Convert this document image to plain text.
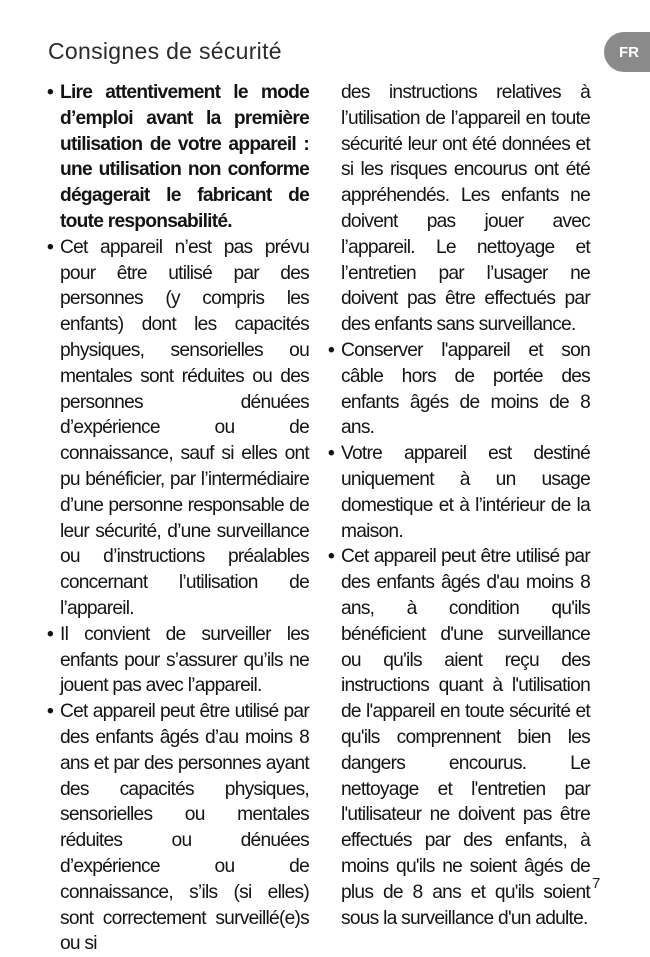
Consignes de sécurité	FR
• Lire attentivement le mode d’emploi avant la première utilisation de votre appareil : une utilisation non conforme dégagerait le fabricant de toute responsabilité.
• Cet appareil n’est pas prévu pour être utilisé par des personnes (y compris les enfants) dont les capacités physiques, sensorielles ou mentales sont réduites ou des personnes dénuées d’expérience ou de connaissance, sauf si elles ont pu bénéficier, par l’intermédiaire d’une personne responsable de leur sécurité, d’une surveillance ou d’instructions préalables concernant l’utilisation de l’appareil.
• Il convient de surveiller les enfants pour s’assurer qu’ils ne jouent pas avec l’appareil.
• Cet appareil peut être utilisé par des enfants âgés d’au moins 8 ans et par des personnes ayant des capacités physiques, sensorielles ou mentales réduites ou dénuées d’expérience ou de connaissance, s’ils (si elles) sont correctement surveillé(e)s ou si
des instructions relatives à l’utilisation de l’appareil en toute sécurité leur ont été données et si les risques encourus ont été appréhendés. Les enfants ne doivent pas jouer avec l’appareil. Le nettoyage et l’entretien par l’usager ne doivent pas être effectués par des enfants sans surveillance.
• Conserver l'appareil et son câble hors de portée des enfants âgés de moins de 8 ans.
• Votre appareil est destiné uniquement à un usage domestique et à l’intérieur de la maison.
• Cet appareil peut être utilisé par des enfants âgés d'au moins 8 ans, à condition qu'ils bénéficient d'une surveillance ou qu'ils aient reçu des instructions quant à l'utilisation de l'appareil en toute sécurité et qu'ils comprennent bien les dangers encourus. Le nettoyage et l'entretien par l'utilisateur ne doivent pas être effectués par des enfants, à moins qu'ils ne soient âgés de plus de 8 ans et qu'ils soient sous la surveillance d'un adulte.
7
